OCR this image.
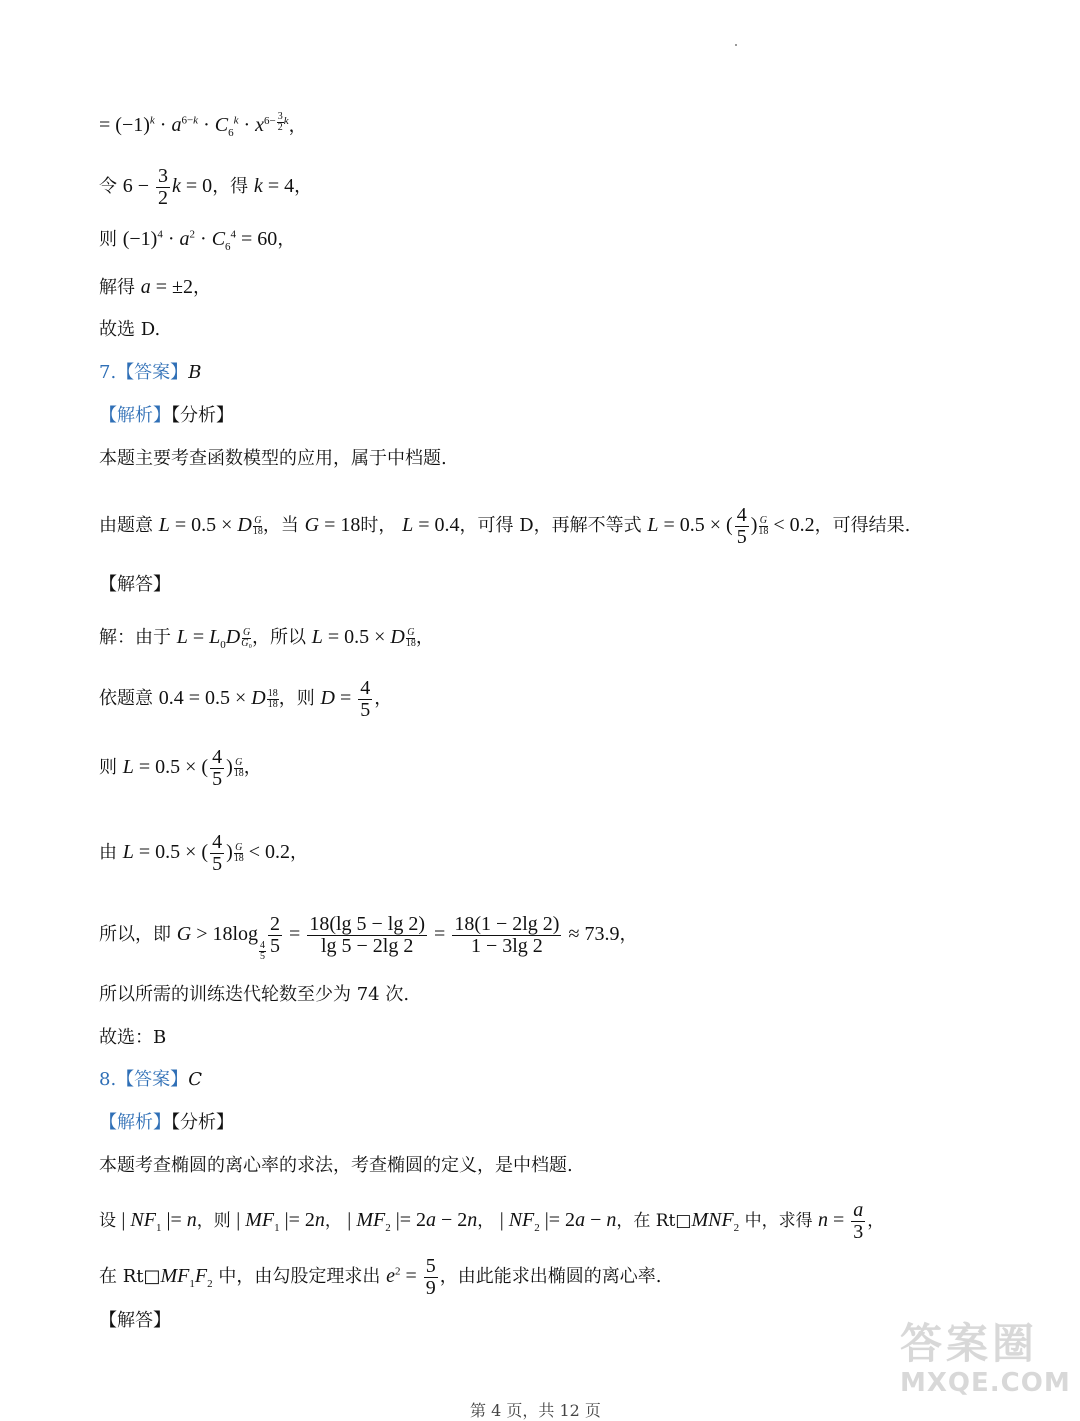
= $(-1)^k \cdot a^{6-k} \cdot C_6^k \cdot x^{6- \frac{3}{2} k}$，
令 $6 - \frac{3}{2}$ k = 0，得 k = 4，
则 $(-1)^4 \cdot a^2 \cdot C_6^4 = 60$，
解得 a = ±2，
故选 D.
7.【答案】B
【解析】【分析】
本题主要考查函数模型的应用，属于中档题.
由题意 L = 0.5 × D $\frac{G}{18}$ ，当 G = 18时， L = 0.4，可得 D，再解不等式 L = 0.5 × ( $\frac{4}{5}$ ) $\frac{G}{18} < 0.2$，可得结果.
【解答】
解：由于 $L = L_0D \frac{G}{\text{G₀}}$ ，所以 L = 0.5 × D $\frac{G}{18}$ ，
依题意 0.4 = 0.5 × D $\frac{18}{18}$ ，则 $D = \frac{4}{5}$ ，
则 L = 0.5 × ( $\frac{4}{5}$ ) $\frac{G}{18}$ ，
由 L = 0.5 × ( $\frac{4}{5}$ ) $\frac{G}{18} < 0.2$，
所以，即 G > 18log
$_{\frac{4}{5}} \frac{2}{5} = \frac{18(\lg 5 - \lg 2)}{\lg 5 - 2\lg 2} = \frac{18(1 - 2\lg 2)}{1 - 3\lg 2} \approx 73.9$，
所以所需的训练迭代轮数至少为 74 次.
故选：B
8.【答案】C
【解析】【分析】
本题考查椭圆的离心率的求法，考查椭圆的定义，是中档题.
设 | $NF_1$ |= n，则 | $MF_1$ |= 2n， | $MF_2$ |= 2a − 2n， | $NF_2$ |= 2a − n，在 $Rt□MNF_2$ 中，求得 $n = \frac{a}{3}$ ，
在 $Rt□MF_1F_2$ 中，由勾股定理求出 $e^2 = \frac{5}{9}$ ，由此能求出椭圆的离心率.
【解答】	答案圈
MXQE.COM
第 4 页，共 12 页
